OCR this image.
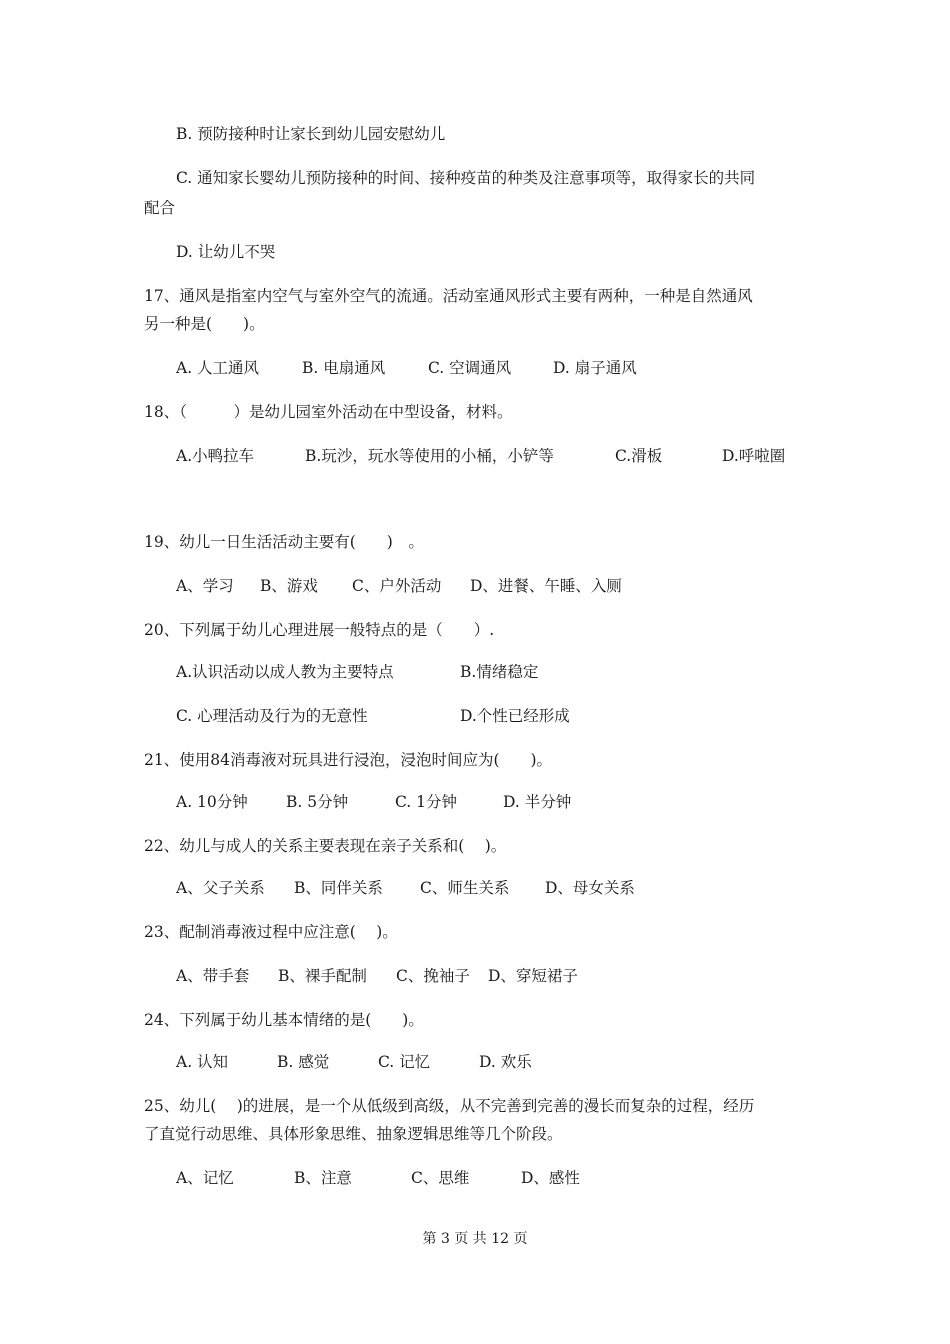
B. 预防接种时让家长到幼儿园安慰幼儿
C. 通知家长婴幼儿预防接种的时间、接种疫苗的种类及注意事项等，取得家长的共同
配合
D. 让幼儿不哭
17、通风是指室内空气与室外空气的流通。活动室通风形式主要有两种，一种是自然通风
另一种是(　　)。
A. 人工通风	B. 电扇通风	C. 空调通风	D. 扇子通风
18、（　　　）是幼儿园室外活动在中型设备，材料。
A.小鸭拉车	B.玩沙，玩水等使用的小桶，小铲等	C.滑板	D.呼啦圈
19、幼儿一日生活活动主要有(　　)　。
A、学习 B、游戏 C、户外活动 D、进餐、午睡、入厕
20、下列属于幼儿心理进展一般特点的是（　　）.
A.认识活动以成人教为主要特点	B.情绪稳定
C. 心理活动及行为的无意性	D.个性已经形成
21、使用84消毒液对玩具进行浸泡，浸泡时间应为(　　)。
A. 10分钟 B. 5分钟	C. 1分钟	D. 半分钟
22、幼儿与成人的关系主要表现在亲子关系和(　 )。
A、父子关系 B、同伴关系 C、师生关系 D、母女关系
23、配制消毒液过程中应注意(　 )。
A、带手套 B、裸手配制 C、挽袖子 D、穿短裙子
24、下列属于幼儿基本情绪的是(　　)。
A. 认知	B. 感觉	C. 记忆	D. 欢乐
25、幼儿(　 )的进展，是一个从低级到高级，从不完善到完善的漫长而复杂的过程，经历
了直觉行动思维、具体形象思维、抽象逻辑思维等几个阶段。
A、记忆	B、注意	C、思维	D、感性
第 3 页 共 12 页
